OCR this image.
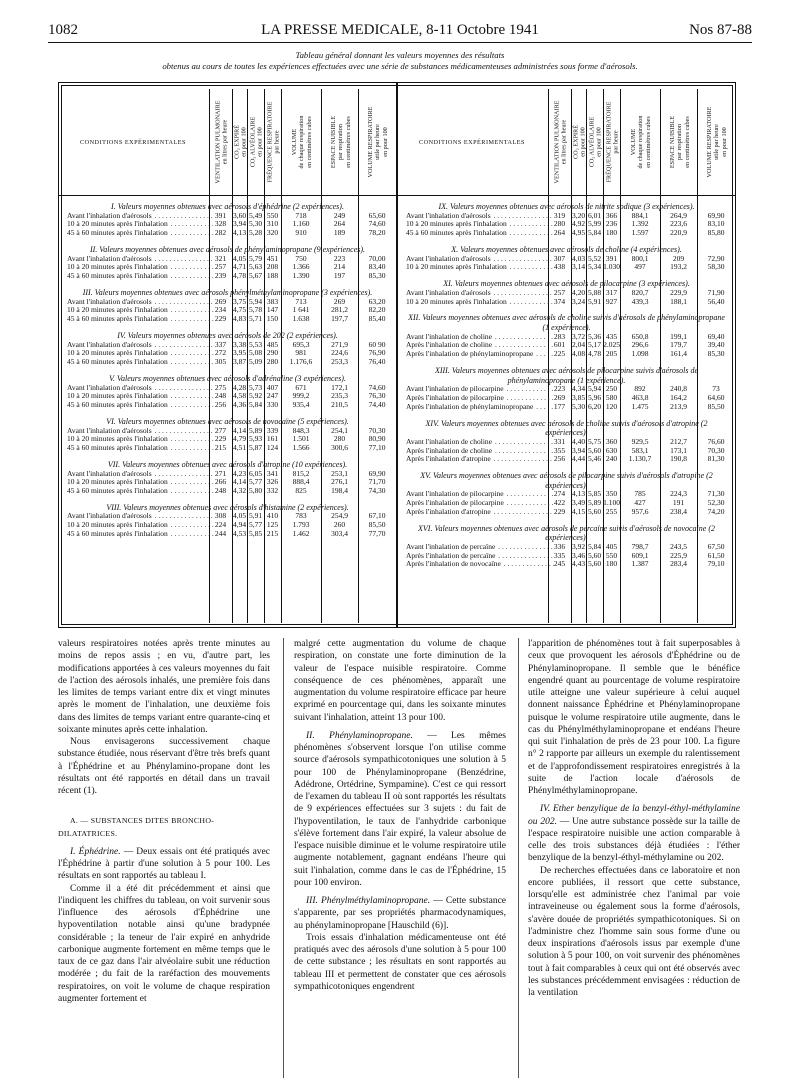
1082	LA PRESSE MEDICALE, 8-11 Octobre 1941	Nos 87-88
Tableau général donnant les valeurs moyennes des résultats
obtenus au cours de toutes les expériences effectuées avec une série de substances médicamenteuses administrées sous forme d'aérosols.
CONDITIONS EXPÉRIMENTALES
VENTILATION PULMONAIRE
en litres par heure
CO₂ EXPIRÉ
en pour 100
CO₂ ALVÉOLAIRE
en pour 100
FRÉQUENCE RESPIRATOIRE
par heure VOLUME
de chaque respiration
en centimètres cubes
ESPACE NUISIBLE
par respiration
en centimètres cubes
VOLUME RESPIRATOIRE
utile par heure
en pour 100
I. Valeurs moyennes obtenues avec aérosols d'éphédrine (2 expériences).
Avant l'inhalation d'aérosols . . .	391 3,60 5,49 550	718	249	65,60
10 à 20 minutes après l'inhalation . . .	328 3,94 5,30 310	1.160	264	74,60
45 à 60 minutes après l'inhalation . . .	282 4,13 5,28 320	910	189	78,20
II. Valeurs moyennes obtenues avec aérosols de phénylaminopropane (9 expériences).
Avant l'inhalation d'aérosols . . .	321 4,05 5,79 451	750	223	70,00
10 à 20 minutes après l'inhalation . . .	257 4,71 5,63 208	1.366	214	83,40
45 à 60 minutes après l'inhalation . . .	239 4,78 5,67 188	1.390	197	85,30
III. Valeurs moyennes obtenues avec aérosols phénylméthylaminopropane (3 expériences).
Avant l'inhalation d'aérosols . . .	269 3,75 5,94 383	713	269	63,20
10 à 20 minutes après l'inhalation . . .	234 4,75 5,78 147	1 641	281,2	82,20
45 à 60 minutes après l'inhalation . . .	229 4,83 5,71 150	1.638	197,7	85,40
IV. Valeurs moyennes obtenues avec aérosols de 202 (2 expériences).
Avant l'inhalation d'aérosols . . .	337 3,38 5,53 485	695,3	271,9	60 90
10 à 20 minutes après l'inhalation . . .	272 3,95 5,08 290	981	224,6	76,90
45 à 60 minutes après l'inhalation . . .	305 3,87 5,09 280	1.176,6	253,3	76,40
V. Valeurs moyennes obtenues avec aérosols d'adrénaline (3 expériences).
Avant l'inhalation d'aérosols . . .	275 4,28 5,73 407	671	172,1	74,60
10 à 20 minutes après l'inhalation . . .	248 4,58 5,92 247	999,2	235,3	76,30
45 à 60 minutes après l'inhalation . . .	256 4,36 5,84 330	935,4	210,5	74,40
VI. Valeurs moyennes obtenues avec aérosols de novocaïne (5 expériences).
Avant l'inhalation d'aérosols . . .	277 4,14 5,89 339	848,3	254,1	70,30
10 à 20 minutes après l'inhalation . . .	229 4,79 5,93 161	1.501	280	80,90
45 à 60 minutes après l'inhalation . . .	215 4,51 5,87 124	1.566	300,6	77,10
VII. Valeurs moyennes obtenues avec aérosols d'atropine (10 expériences).
Avant l'inhalation d'aérosols . . .	271 4,23 6,05 341	815,2	253,1	69,90
10 à 20 minutes après l'inhalation . . .	266 4,14 5,77 326	888,4	276,1	71,70
45 à 60 minutes après l'inhalation . . .	248 4,32 5,80 332	825	198,4	74,30
VIII. Valeurs moyennes obtenues avec aérosols d'histamine (2 expériences).
Avant l'inhalation d'aérosols . . .	308 4,05 5,91 410	783	254,9	67,10
10 à 20 minutes après l'inhalation . . .	224 4,94 5,77 125	1.793	260	85,50
45 à 60 minutes après l'inhalation . . .	244 4,53 5,85 215	1.462	303,4	77,70
CONDITIONS EXPÉRIMENTALES
VENTILATION PULMONAIRE
en litres par heure
CO₂ EXPIRÉ
en pour 100
CO₂ ALVÉOLAIRE
en pour 100
FRÉQUENCE RESPIRATOIRE
par heure VOLUME
de chaque respiration
en centimètres cubes
ESPACE NUISIBLE
par respiration
en centimètres cubes
VOLUME RESPIRATOIRE
utile par heure
en pour 100
IX. Valeurs moyennes obtenues avec aérosols de nitrite sodique (3 expériences).
Avant l'inhalation d'aérosols . . .	319 3,20 6,01 366	884,1	264,9	69,90
10 à 20 minutes après l'inhalation . . .	280 4,92 5,99 236	1.392	223,6	83,10
45 à 60 minutes après l'inhalation . . .	264 4,95 5,84 180	1.597	220,9	85,80
X. Valeurs moyennes obtenues avec aérosols de choline (4 expériences).
Avant l'inhalation d'aérosols . . .	307 4,03 5,52 391	800,1	209	72,90
10 à 20 minutes après l'inhalation . . .	438 3,14 5,34 1.030	497	193,2	58,30
XI. Valeurs moyennes obtenues avec aérosols de pilocarpine (3 expériences).
Avant l'inhalation d'aérosols . . .	257 4,20 5,88 317	820,7	229,9	71,90
10 à 20 minutes après l'inhalation . . .	374 3,24 5,91 927	439,3	188,1	56,40
XII. Valeurs moyennes obtenues avec aérosols de choline suivis d'aérosols de phénylaminopropane (1 expérience).
Avant l'inhalation de choline . . .	283 3,72 5,36 435	650,8	199,1	69,40
Après l'inhalation de choline . . .	601 2,04 5,17 2.025	296,6	179,7	39,40
Après l'inhalation de phénylaminopropane . . .	225 4,08 4,78 205	1.098	161,4	85,30
XIII. Valeurs moyennes obtenues avec aérosols de pilocarpine suivis d'aérosols de phénylaminopropane (1 expérience).
Avant l'inhalation de pilocarpine . . .	223 4,34 5,94 250	892	240,8	73
Après l'inhalation de pilocarpine . . .	269 3,85 5,96 580	463,8	164,2	64,60
Après l'inhalation de phénylaminopropane . . .	177 5,30 6,20 120	1.475	213,9	85,50
XIV. Valeurs moyennes obtenues avec aérosols de choline suivis d'aérosols d'atropine (2 expériences).
Avant l'inhalation de choline . . .	331 4,40 5,75 360	929,5	212,7	76,60
Après l'inhalation de choline . . .	355 3,94 5,60 630	583,1	173,1	70,30
Après l'inhalation d'atropine . . .	256 4,44 5,46 240	1.130,7	190,8	81,30
XV. Valeurs moyennes obtenues avec aérosols de pilocarpine suivis d'aérosols d'atropine (2 expériences).
Avant l'inhalation de pilocarpine . . .	274 4,13 5,85 350	785	224,3	71,30
Après l'inhalation de pilocarpine . . .	422 3,49 5,89 1.100	427	191	52,30
Après l'inhalation d'atropine . . .	229 4,15 5,60 255	957,6	238,4	74,20
XVI. Valeurs moyennes obtenues avec aérosols de percaïne suivis d'aérosols de novocaïne (2 expériences).
Avant l'inhalation de percaïne . . .	336 3,92 5,84 405	798,7	243,5	67,50
Après l'inhalation de percaïne . . .	335 3,46 5,60 550	609,1	225,9	61,50
Après l'inhalation de novocaïne . . .	245 4,43 5,60 180	1.387	283,4	79,10

valeurs respiratoires notées après trente minutes au moins de repos assis ; en vu, d'autre part, les modifications apportées à ces valeurs moyennes du fait de l'action des aérosols inhalés, une première fois dans les limites de temps variant entre dix et vingt minutes après le moment de l'inhalation, une deuxième fois dans des limites de temps variant entre quarante-cinq et soixante minutes après cette inhalation.

Nous envisagerons successivement chaque substance étudiée, nous réservant d'être très brefs quant à l'Éphédrine et au Phénylamino-propane dont les résultats ont été rapportés en détail dans un travail récent (1).

A. — SUBSTANCES DITES BRONCHO-DILATATRICES.

I. Éphédrine. — Deux essais ont été pratiqués avec l'Éphédrine à partir d'une solution à 5 pour 100. Les résultats en sont rapportés au tableau I.

Comme il a été dit précédemment et ainsi que l'indiquent les chiffres du tableau, on voit survenir sous l'influence des aérosols d'Éphédrine une hypoventilation notable ainsi qu'une bradypnée considérable ; la teneur de l'air expiré en anhydride carbonique augmente fortement en même temps que le taux de ce gaz dans l'air alvéolaire subit une réduction modérée ; du fait de la raréfaction des mouvements respiratoires, on voit le volume de chaque respiration augmenter fortement et

malgré cette augmentation du volume de chaque respiration, on constate une forte diminution de la valeur de l'espace nuisible respiratoire. Comme conséquence de ces phénomènes, apparaît une augmentation du volume respiratoire efficace par heure exprimé en pourcentage qui, dans les soixante minutes suivant l'inhalation, atteint 13 pour 100.

II. Phénylaminopropane. — Les mêmes phénomènes s'observent lorsque l'on utilise comme source d'aérosols sympathicotoniques une solution à 5 pour 100 de Phénylaminopropane (Benzédrine, Adédrone, Ortédrine, Sympamine). C'est ce qui ressort de l'examen du tableau II où sont rapportés les résultats de 9 expériences effectuées sur 3 sujets : du fait de l'hypoventilation, le taux de l'anhydride carbonique s'élève fortement dans l'air expiré, la valeur absolue de l'espace nuisible diminue et le volume respiratoire utile augmente notablement, gagnant endéans l'heure qui suit l'inhalation, comme dans le cas de l'Éphédrine, 15 pour 100 environ.

III. Phénylméthylaminopropane. — Cette substance s'apparente, par ses propriétés pharmacodynamiques, au phénylaminopropane [Hauschild (6)].

Trois essais d'inhalation médicamenteuse ont été pratiqués avec des aérosols d'une solution à 5 pour 100 de cette substance ; les résultats en sont rapportés au tableau III et permettent de constater que ces aérosols sympathicotoniques engendrent

l'apparition de phénomènes tout à fait superposables à ceux que provoquent les aérosols d'Éphédrine ou de Phénylaminopropane. Il semble que le bénéfice engendré quant au pourcentage de volume respiratoire utile atteigne une valeur supérieure à celui auquel donnent naissance Éphédrine et Phénylaminopropane puisque le volume respiratoire utile augmente, dans le cas du Phénylméthylaminopropane et endéans l'heure qui suit l'inhalation de près de 23 pour 100. La figure n° 2 rapporte par ailleurs un exemple du ralentissement et de l'approfondissement respiratoires enregistrés à la suite de l'action locale d'aérosols de Phénylméthylaminopropane.

IV. Ether benzylique de la benzyl-éthyl-méthylamine ou 202. — Une autre substance possède sur la taille de l'espace respiratoire nuisible une action comparable à celle des trois substances déjà étudiées : l'éther benzylique de la benzyl-éthyl-méthylamine ou 202.

De recherches effectuées dans ce laboratoire et non encore publiées, il ressort que cette substance, lorsqu'elle est administrée chez l'animal par voie intraveineuse ou également sous la forme d'aérosols, s'avère douée de propriétés sympathicotoniques. Si on l'administre chez l'homme sain sous forme d'une ou deux inspirations d'aérosols issus par exemple d'une solution à 5 pour 100, on voit survenir des phénomènes tout à fait comparables à ceux qui ont été observés avec les substances précédemment envisagées : réduction de la ventilation
